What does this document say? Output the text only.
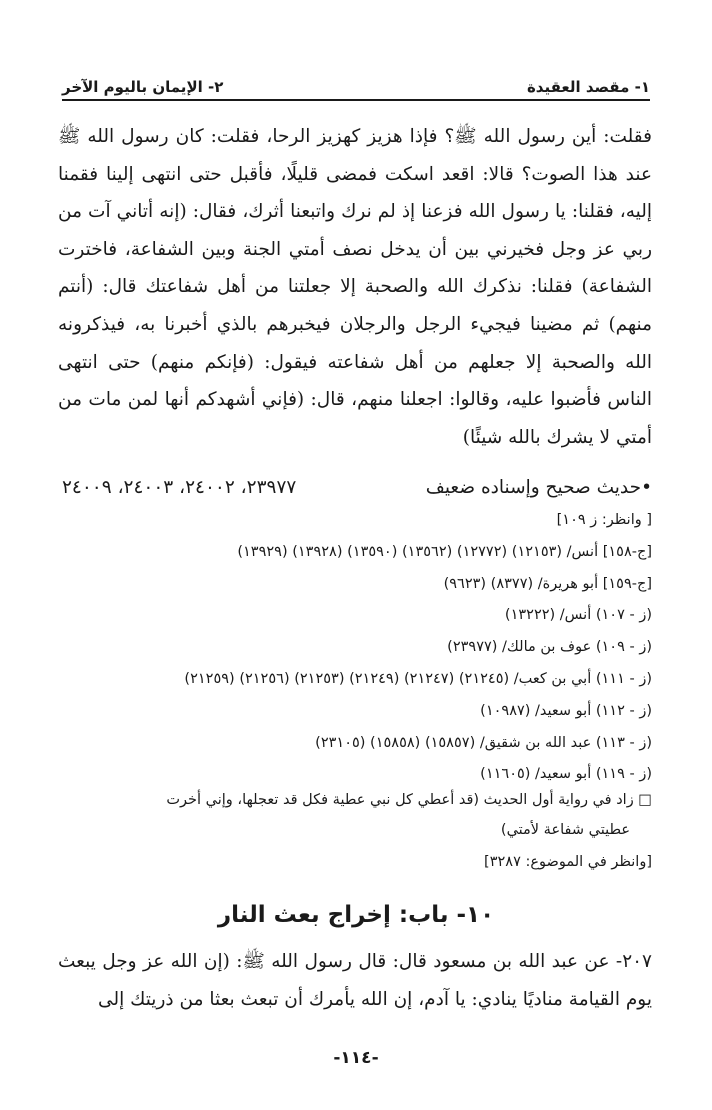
٢- الإيمان باليوم الآخر	١- مقصد العقيدة

فقلت: أين رسول الله ﷺ؟ فإذا هزيز كهزيز الرحا، فقلت: كان رسول الله ﷺ عند هذا الصوت؟ قالا: اقعد اسكت فمضى قليلًا، فأقبل حتى انتهى إلينا فقمنا إليه، فقلنا: يا رسول الله فزعنا إذ لم نرك واتبعنا أثرك، فقال: (إنه أتاني آت من ربي عز وجل فخيرني بين أن يدخل نصف أمتي الجنة وبين الشفاعة، فاخترت الشفاعة) فقلنا: نذكرك الله والصحبة إلا جعلتنا من أهل شفاعتك قال: (أنتم منهم) ثم مضينا فيجيء الرجل والرجلان فيخبرهم بالذي أخبرنا به، فيذكرونه الله والصحبة إلا جعلهم من أهل شفاعته فيقول: (فإنكم منهم) حتى انتهى الناس فأضبوا عليه، وقالوا: اجعلنا منهم، قال: (فإني أشهدكم أنها لمن مات من أمتي لا يشرك بالله شيئًا)

•حديث صحيح وإسناده ضعيف
٢٣٩٧٧، ٢٤٠٠٢، ٢٤٠٠٣، ٢٤٠٠٩
[ وانظر: ز ١٠٩]
[ج-١٥٨] أنس/ (١٢١٥٣) (١٢٧٧٢) (١٣٥٦٢) (١٣٥٩٠) (١٣٩٢٨) (١٣٩٢٩)
[ج-١٥٩] أبو هريرة/ (٨٣٧٧) (٩٦٢٣)
(ز - ١٠٧) أنس/ (١٣٢٢٢)
(ز - ١٠٩) عوف بن مالك/ (٢٣٩٧٧)
(ز - ١١١) أبي بن كعب/ (٢١٢٤٥) (٢١٢٤٧) (٢١٢٤٩) (٢١٢٥٣) (٢١٢٥٦) (٢١٢٥٩)
(ز - ١١٢) أبو سعيد/ (١٠٩٨٧)
(ز - ١١٣) عبد الله بن شقيق/ (١٥٨٥٧) (١٥٨٥٨) (٢٣١٠٥)
(ز - ١١٩) أبو سعيد/ (١١٦٠٥)

□ زاد في رواية أول الحديث (قد أعطي كل نبي عطية فكل قد تعجلها، وإني أخرت

عطيتي شفاعة لأمتي)

[وانظر في الموضوع: ٣٢٨٧]

١٠- باب: إخراج بعث النار

٢٠٧- عن عبد الله بن مسعود قال: قال رسول الله ﷺ: (إن الله عز وجل يبعث يوم القيامة مناديًا ينادي: يا آدم، إن الله يأمرك أن تبعث بعثا من ذريتك إلى

-١١٤-
